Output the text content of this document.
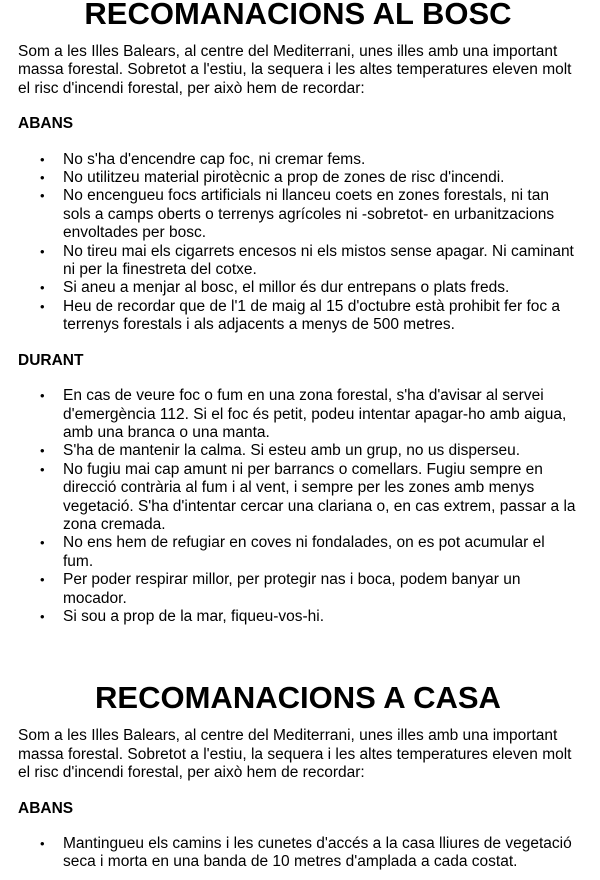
RECOMANACIONS AL BOSC

Som a les Illes Balears, al centre del Mediterrani, unes illes amb una important massa forestal. Sobretot a l'estiu, la sequera i les altes temperatures eleven molt el risc d'incendi forestal, per això hem de recordar:

ABANS

• No s'ha d'encendre cap foc, ni cremar fems.
• No utilitzeu material pirotècnic a prop de zones de risc d'incendi.
• No encengueu focs artificials ni llanceu coets en zones forestals, ni tan sols a camps oberts o terrenys agrícoles ni -sobretot- en urbanitzacions envoltades per bosc.
• No tireu mai els cigarrets encesos ni els mistos sense apagar. Ni caminant ni per la finestreta del cotxe.
• Si aneu a menjar al bosc, el millor és dur entrepans o plats freds.
• Heu de recordar que de l'1 de maig al 15 d'octubre està prohibit fer foc a terrenys forestals i als adjacents a menys de 500 metres.

DURANT

• En cas de veure foc o fum en una zona forestal, s'ha d'avisar al servei d'emergència 112. Si el foc és petit, podeu intentar apagar-ho amb aigua, amb una branca o una manta.
• S'ha de mantenir la calma. Si esteu amb un grup, no us disperseu.
• No fugiu mai cap amunt ni per barrancs o comellars. Fugiu sempre en direcció contrària al fum i al vent, i sempre per les zones amb menys vegetació. S'ha d'intentar cercar una clariana o, en cas extrem, passar a la zona cremada.
• No ens hem de refugiar en coves ni fondalades, on es pot acumular el fum.
• Per poder respirar millor, per protegir nas i boca, podem banyar un mocador.
• Si sou a prop de la mar, fiqueu-vos-hi.
RECOMANACIONS A CASA

Som a les Illes Balears, al centre del Mediterrani, unes illes amb una important massa forestal. Sobretot a l'estiu, la sequera i les altes temperatures eleven molt el risc d'incendi forestal, per això hem de recordar:

ABANS

• Mantingueu els camins i les cunetes d'accés a la casa lliures de vegetació seca i morta en una banda de 10 metres d'amplada a cada costat.
